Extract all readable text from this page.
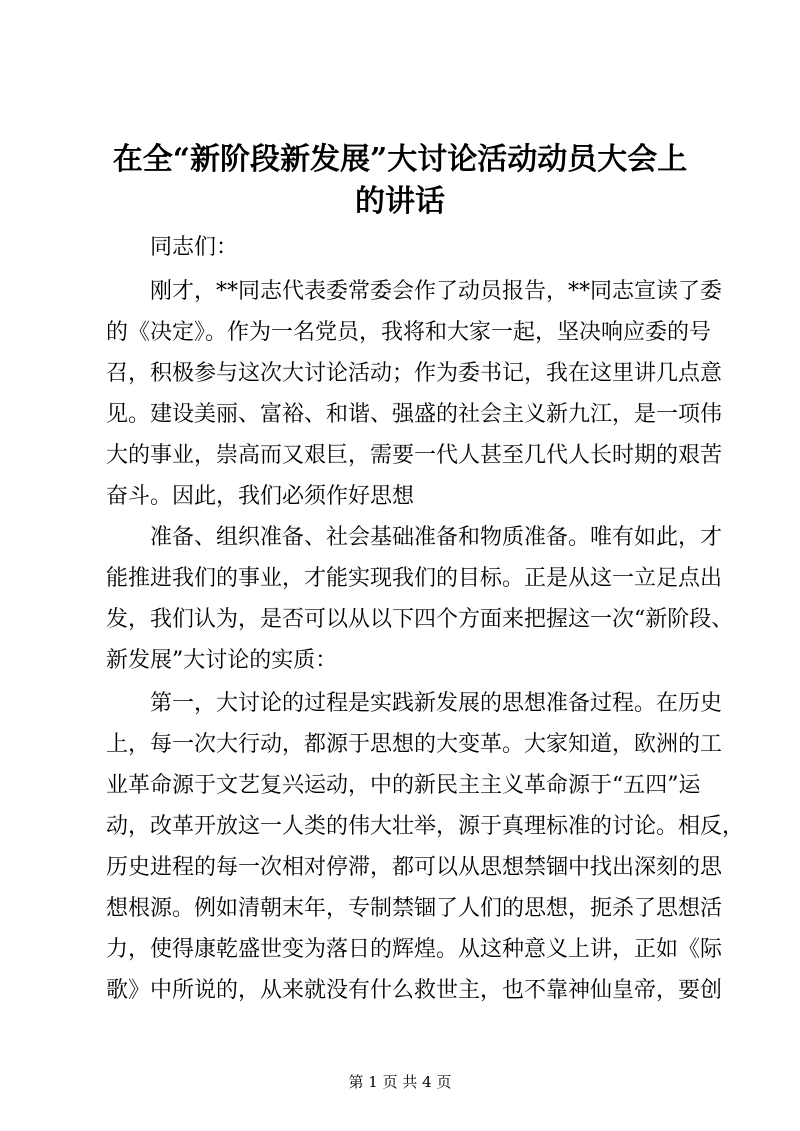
在全“新阶段新发展”大讨论活动动员大会上
的讲话
同志们：
刚才，**同志代表委常委会作了动员报告，**同志宣读了委
的《决定》。作为一名党员，我将和大家一起，坚决响应委的号
召，积极参与这次大讨论活动；作为委书记，我在这里讲几点意
见。建设美丽、富裕、和谐、强盛的社会主义新九江，是一项伟
大的事业，崇高而又艰巨，需要一代人甚至几代人长时期的艰苦
奋斗。因此，我们必须作好思想
准备、组织准备、社会基础准备和物质准备。唯有如此，才
能推进我们的事业，才能实现我们的目标。正是从这一立足点出
发，我们认为，是否可以从以下四个方面来把握这一次“新阶段、
新发展”大讨论的实质：
第一，大讨论的过程是实践新发展的思想准备过程。在历史
上，每一次大行动，都源于思想的大变革。大家知道，欧洲的工
业革命源于文艺复兴运动，中的新民主主义革命源于“五四”运
动，改革开放这一人类的伟大壮举，源于真理标准的讨论。相反，
历史进程的每一次相对停滞，都可以从思想禁锢中找出深刻的思
想根源。例如清朝末年，专制禁锢了人们的思想，扼杀了思想活
力，使得康乾盛世变为落日的辉煌。从这种意义上讲，正如《际
歌》中所说的，从来就没有什么救世主，也不靠神仙皇帝，要创
第 1 页 共 4 页
